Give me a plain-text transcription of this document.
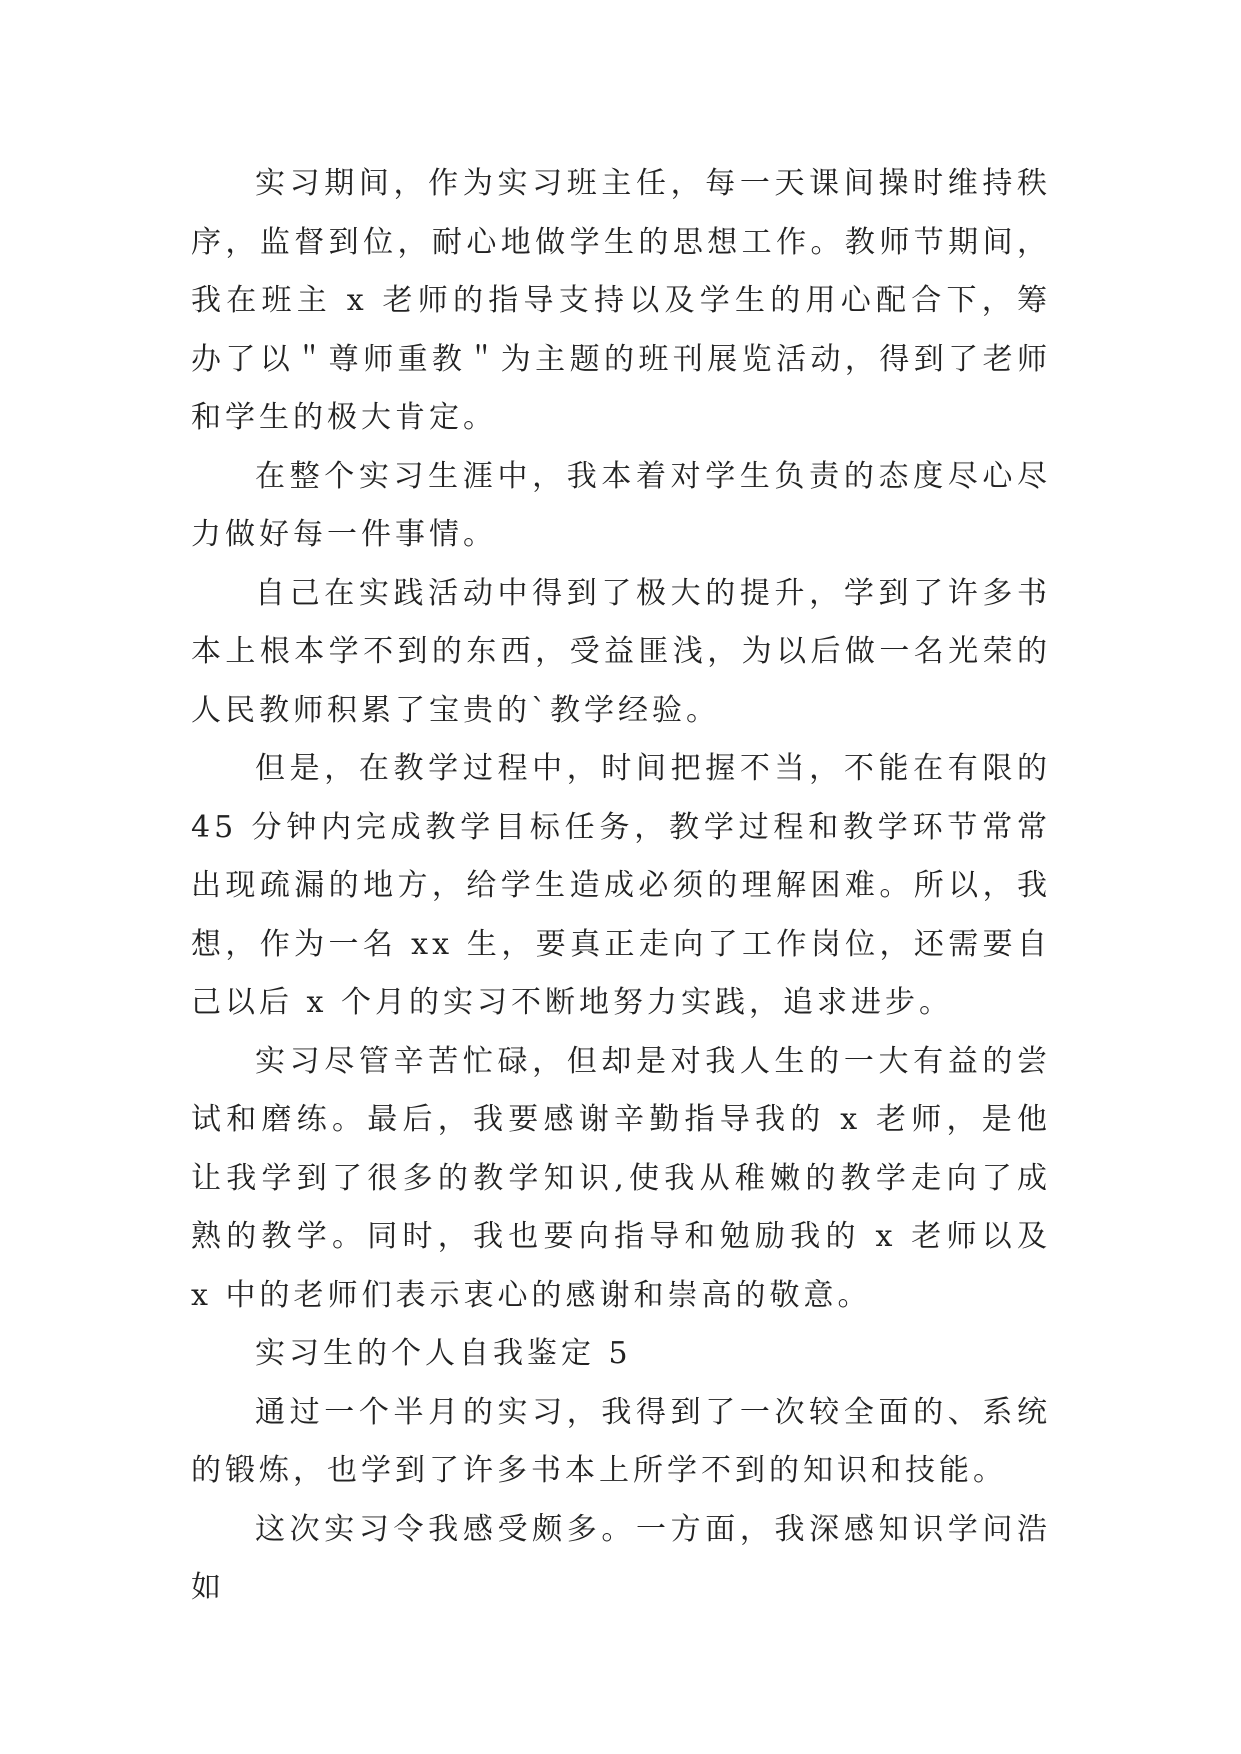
实习期间，作为实习班主任，每一天课间操时维持秩序，监督到位，耐心地做学生的思想工作。教师节期间，我在班主 x 老师的指导支持以及学生的用心配合下，筹办了以＂尊师重教＂为主题的班刊展览活动，得到了老师和学生的极大肯定。

在整个实习生涯中，我本着对学生负责的态度尽心尽力做好每一件事情。

自己在实践活动中得到了极大的提升，学到了许多书本上根本学不到的东西，受益匪浅，为以后做一名光荣的人民教师积累了宝贵的`教学经验。

但是，在教学过程中，时间把握不当，不能在有限的 45 分钟内完成教学目标任务，教学过程和教学环节常常出现疏漏的地方，给学生造成必须的理解困难。所以，我想，作为一名 xx 生，要真正走向了工作岗位，还需要自己以后 x 个月的实习不断地努力实践，追求进步。

实习尽管辛苦忙碌，但却是对我人生的一大有益的尝试和磨练。最后，我要感谢辛勤指导我的 x 老师，是他让我学到了很多的教学知识,使我从稚嫩的教学走向了成熟的教学。同时，我也要向指导和勉励我的 x 老师以及 x 中的老师们表示衷心的感谢和崇高的敬意。

实习生的个人自我鉴定 5

通过一个半月的实习，我得到了一次较全面的、系统的锻炼，也学到了许多书本上所学不到的知识和技能。

这次实习令我感受颇多。一方面，我深感知识学问浩如
